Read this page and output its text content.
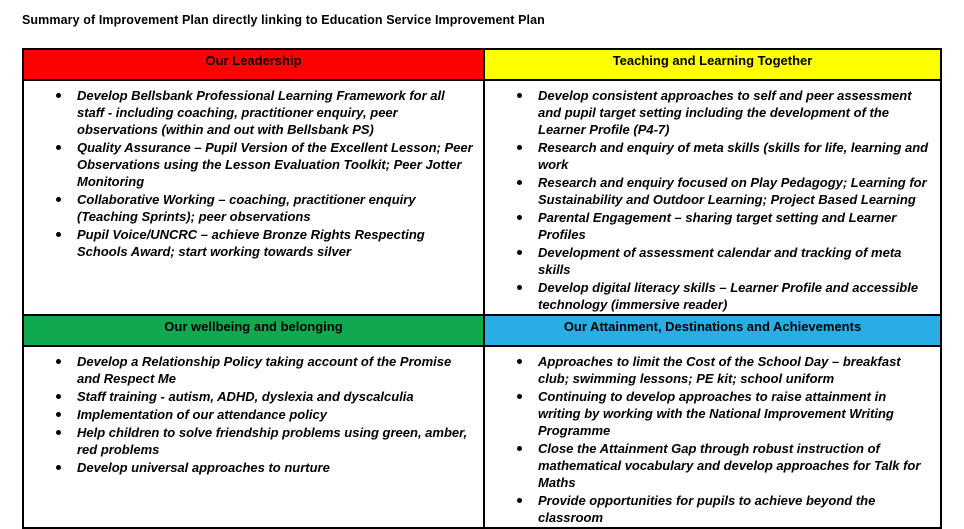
Summary of Improvement Plan directly linking to Education Service Improvement Plan
Our Leadership	Teaching and Learning Together

Develop Bellsbank Professional Learning Framework for all staff - including coaching, practitioner enquiry, peer observations (within and out with Bellsbank PS)
Quality Assurance – Pupil Version of the Excellent Lesson; Peer Observations using the Lesson Evaluation Toolkit; Peer Jotter Monitoring
Collaborative Working – coaching, practitioner enquiry (Teaching Sprints); peer observations
Pupil Voice/UNCRC – achieve Bronze Rights Respecting Schools Award; start working towards silver

Develop consistent approaches to self and peer assessment and pupil target setting including the development of the Learner Profile (P4-7)
Research and enquiry of meta skills (skills for life, learning and work
Research and enquiry focused on Play Pedagogy; Learning for Sustainability and Outdoor Learning; Project Based Learning
Parental Engagement – sharing target setting and Learner Profiles
Development of assessment calendar and tracking of meta skills
Develop digital literacy skills – Learner Profile and accessible technology (immersive reader)

Our wellbeing and belonging	Our Attainment, Destinations and Achievements

Develop a Relationship Policy taking account of the Promise and Respect Me
Staff training - autism, ADHD, dyslexia and dyscalculia
Implementation of our attendance policy
Help children to solve friendship problems using green, amber, red problems
Develop universal approaches to nurture

Approaches to limit the Cost of the School Day – breakfast club; swimming lessons; PE kit; school uniform
Continuing to develop approaches to raise attainment in writing by working with the National Improvement Writing Programme
Close the Attainment Gap through robust instruction of mathematical vocabulary and develop approaches for Talk for Maths
Provide opportunities for pupils to achieve beyond the classroom
